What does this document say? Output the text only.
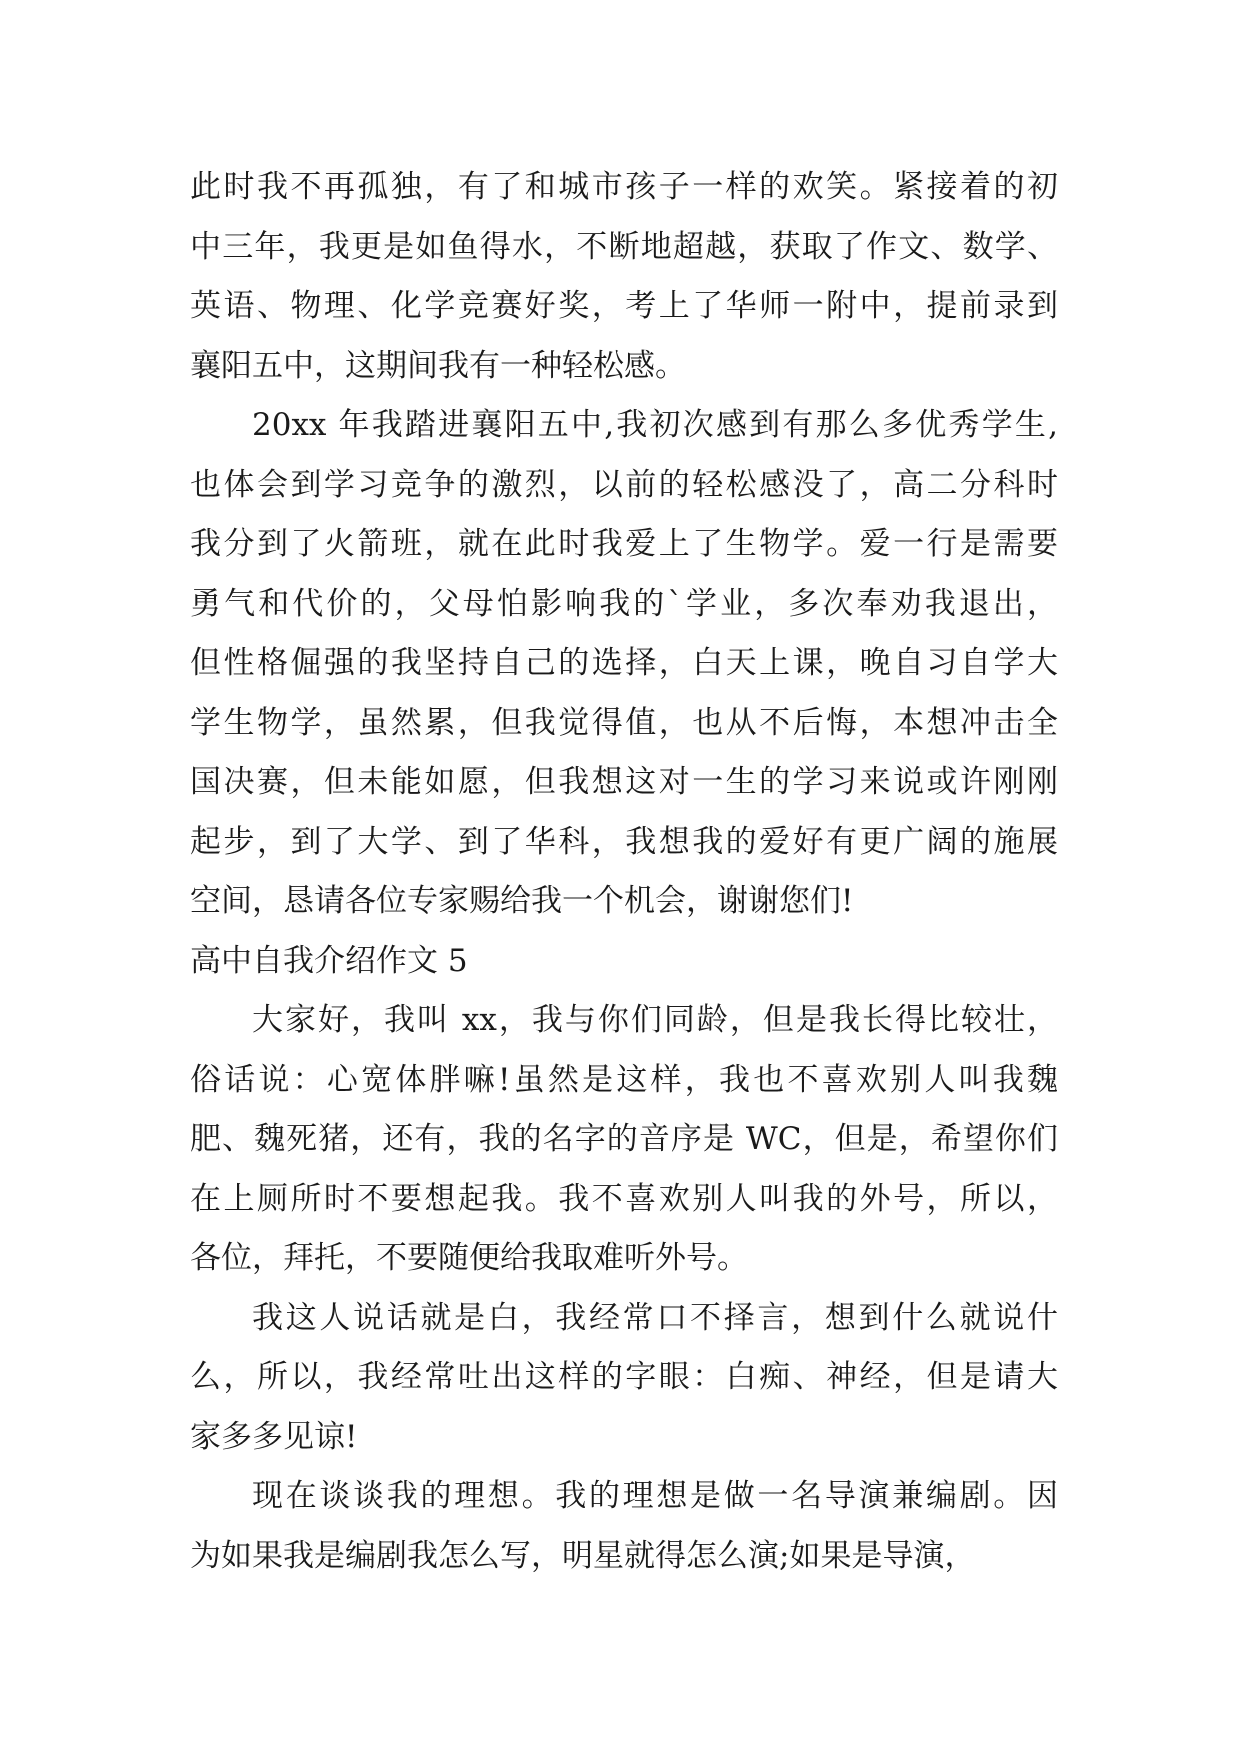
此时我不再孤独，有了和城市孩子一样的欢笑。紧接着的初
中三年，我更是如鱼得水，不断地超越，获取了作文、数学、
英语、物理、化学竞赛好奖，考上了华师一附中，提前录到
襄阳五中，这期间我有一种轻松感。
20xx 年我踏进襄阳五中,我初次感到有那么多优秀学生,
也体会到学习竞争的激烈，以前的轻松感没了，高二分科时
我分到了火箭班，就在此时我爱上了生物学。爱一行是需要
勇气和代价的，父母怕影响我的`学业，多次奉劝我退出，
但性格倔强的我坚持自己的选择，白天上课，晚自习自学大
学生物学，虽然累，但我觉得值，也从不后悔，本想冲击全
国决赛，但未能如愿，但我想这对一生的学习来说或许刚刚
起步，到了大学、到了华科，我想我的爱好有更广阔的施展
空间，恳请各位专家赐给我一个机会，谢谢您们!
高中自我介绍作文 5
大家好，我叫 xx，我与你们同龄，但是我长得比较壮，
俗话说：心宽体胖嘛!虽然是这样，我也不喜欢别人叫我魏
肥、魏死猪，还有，我的名字的音序是 WC，但是，希望你们
在上厕所时不要想起我。我不喜欢别人叫我的外号，所以，
各位，拜托，不要随便给我取难听外号。
我这人说话就是白，我经常口不择言，想到什么就说什
么，所以，我经常吐出这样的字眼：白痴、神经，但是请大
家多多见谅!
现在谈谈我的理想。我的理想是做一名导演兼编剧。因
为如果我是编剧我怎么写，明星就得怎么演;如果是导演，
